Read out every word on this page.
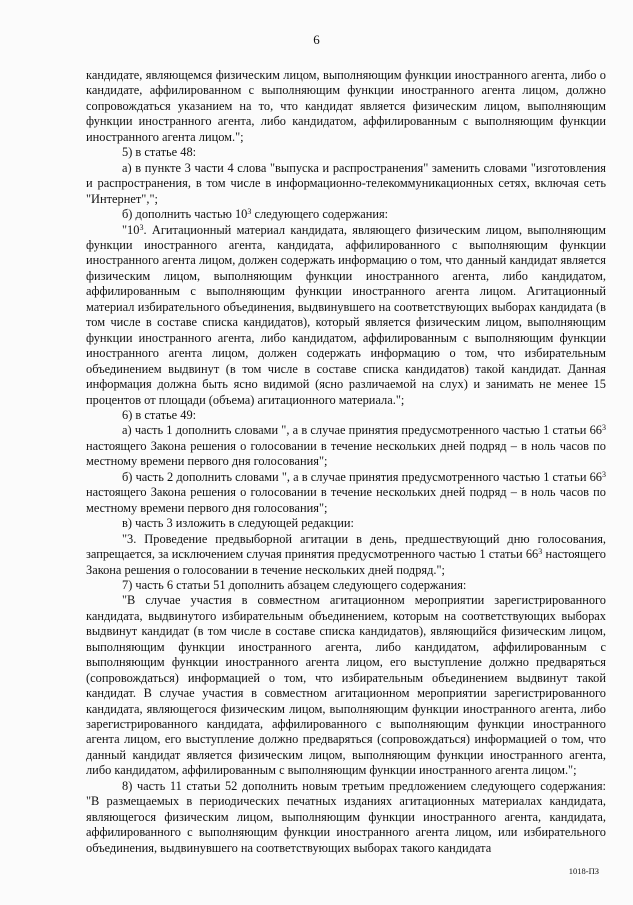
6

кандидате, являющемся физическим лицом, выполняющим функции иностранного агента, либо о кандидате, аффилированном с выполняющим функции иностранного агента лицом, должно сопровождаться указанием на то, что кандидат является физическим лицом, выполняющим функции иностранного агента, либо кандидатом, аффилированным с выполняющим функции иностранного агента лицом.";

5) в статье 48:

а) в пункте 3 части 4 слова "выпуска и распространения" заменить словами "изготовления и распространения, в том числе в информационно-телекоммуникационных сетях, включая сеть "Интернет",";

б) дополнить частью $10^3$ следующего содержания:

"$10^3$. Агитационный материал кандидата, являющего физическим лицом, выполняющим функции иностранного агента, кандидата, аффилированного с выполняющим функции иностранного агента лицом, должен содержать информацию о том, что данный кандидат является физическим лицом, выполняющим функции иностранного агента, либо кандидатом, аффилированным с выполняющим функции иностранного агента лицом. Агитационный материал избирательного объединения, выдвинувшего на соответствующих выборах кандидата (в том числе в составе списка кандидатов), который является физическим лицом, выполняющим функции иностранного агента, либо кандидатом, аффилированным с выполняющим функции иностранного агента лицом, должен содержать информацию о том, что избирательным объединением выдвинут (в том числе в составе списка кандидатов) такой кандидат. Данная информация должна быть ясно видимой (ясно различаемой на слух) и занимать не менее 15 процентов от площади (объема) агитационного материала.";

6) в статье 49:

а) часть 1 дополнить словами ", а в случае принятия предусмотренного частью 1 статьи $66^3$ настоящего Закона решения о голосовании в течение нескольких дней подряд – в ноль часов по местному времени первого дня голосования";

б) часть 2 дополнить словами ", а в случае принятия предусмотренного частью 1 статьи $66^3$ настоящего Закона решения о голосовании в течение нескольких дней подряд – в ноль часов по местному времени первого дня голосования";

в) часть 3 изложить в следующей редакции:

"3. Проведение предвыборной агитации в день, предшествующий дню голосования, запрещается, за исключением случая принятия предусмотренного частью 1 статьи $66^3$ настоящего Закона решения о голосовании в течение нескольких дней подряд.";

7) часть 6 статьи 51 дополнить абзацем следующего содержания:

"В случае участия в совместном агитационном мероприятии зарегистрированного кандидата, выдвинутого избирательным объединением, которым на соответствующих выборах выдвинут кандидат (в том числе в составе списка кандидатов), являющийся физическим лицом, выполняющим функции иностранного агента, либо кандидатом, аффилированным с выполняющим функции иностранного агента лицом, его выступление должно предваряться (сопровождаться) информацией о том, что избирательным объединением выдвинут такой кандидат. В случае участия в совместном агитационном мероприятии зарегистрированного кандидата, являющегося физическим лицом, выполняющим функции иностранного агента, либо зарегистрированного кандидата, аффилированного с выполняющим функции иностранного агента лицом, его выступление должно предваряться (сопровождаться) информацией о том, что данный кандидат является физическим лицом, выполняющим функции иностранного агента, либо кандидатом, аффилированным с выполняющим функции иностранного агента лицом.";

8) часть 11 статьи 52 дополнить новым третьим предложением следующего содержания: "В размещаемых в периодических печатных изданиях агитационных материалах кандидата, являющегося физическим лицом, выполняющим функции иностранного агента, кандидата, аффилированного с выполняющим функции иностранного агента лицом, или избирательного объединения, выдвинувшего на соответствующих выборах такого кандидата

1018-ПЗ
